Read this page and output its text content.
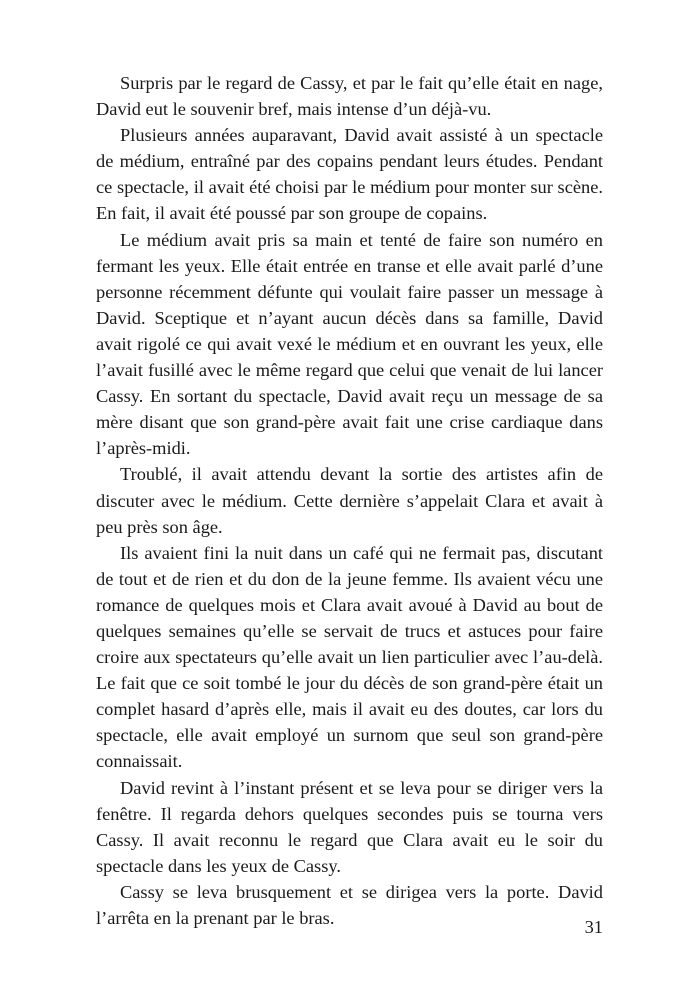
Surpris par le regard de Cassy, et par le fait qu’elle était en nage, David eut le souvenir bref, mais intense d’un déjà-vu.

Plusieurs années auparavant, David avait assisté à un spectacle de médium, entraîné par des copains pendant leurs études. Pendant ce spectacle, il avait été choisi par le médium pour monter sur scène. En fait, il avait été poussé par son groupe de copains.

Le médium avait pris sa main et tenté de faire son numéro en fermant les yeux. Elle était entrée en transe et elle avait parlé d’une personne récemment défunte qui voulait faire passer un message à David. Sceptique et n’ayant aucun décès dans sa famille, David avait rigolé ce qui avait vexé le médium et en ouvrant les yeux, elle l’avait fusillé avec le même regard que celui que venait de lui lancer Cassy. En sortant du spectacle, David avait reçu un message de sa mère disant que son grand-père avait fait une crise cardiaque dans l’après-midi.

Troublé, il avait attendu devant la sortie des artistes afin de discuter avec le médium. Cette dernière s’appelait Clara et avait à peu près son âge.

Ils avaient fini la nuit dans un café qui ne fermait pas, discutant de tout et de rien et du don de la jeune femme. Ils avaient vécu une romance de quelques mois et Clara avait avoué à David au bout de quelques semaines qu’elle se servait de trucs et astuces pour faire croire aux spectateurs qu’elle avait un lien particulier avec l’au-delà. Le fait que ce soit tombé le jour du décès de son grand-père était un complet hasard d’après elle, mais il avait eu des doutes, car lors du spectacle, elle avait employé un surnom que seul son grand-père connaissait.

David revint à l’instant présent et se leva pour se diriger vers la fenêtre. Il regarda dehors quelques secondes puis se tourna vers Cassy. Il avait reconnu le regard que Clara avait eu le soir du spectacle dans les yeux de Cassy.

Cassy se leva brusquement et se dirigea vers la porte. David l’arrêta en la prenant par le bras.	31
